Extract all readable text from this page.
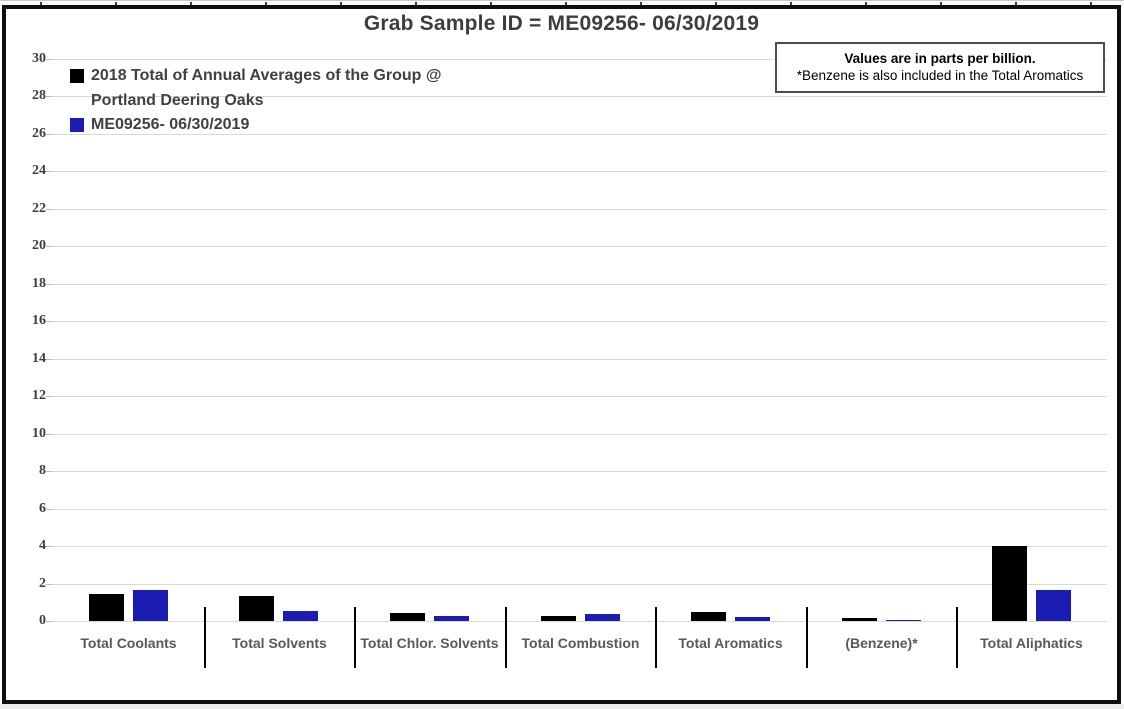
0
2
4
6
8
10
12
14
16
18
20
22
24
26
28
30
Total Coolants	Total Solvents	Total Chlor. Solvents	Total Combustion	Total Aromatics	(Benzene)*	Total Aliphatics
Grab Sample ID = ME09256- 06/30/2019
Values are in parts per billion.
*Benzene is also included in the Total Aromatics
2018 Total of Annual Averages of the Group @ Portland Deering Oaks
ME09256- 06/30/2019
